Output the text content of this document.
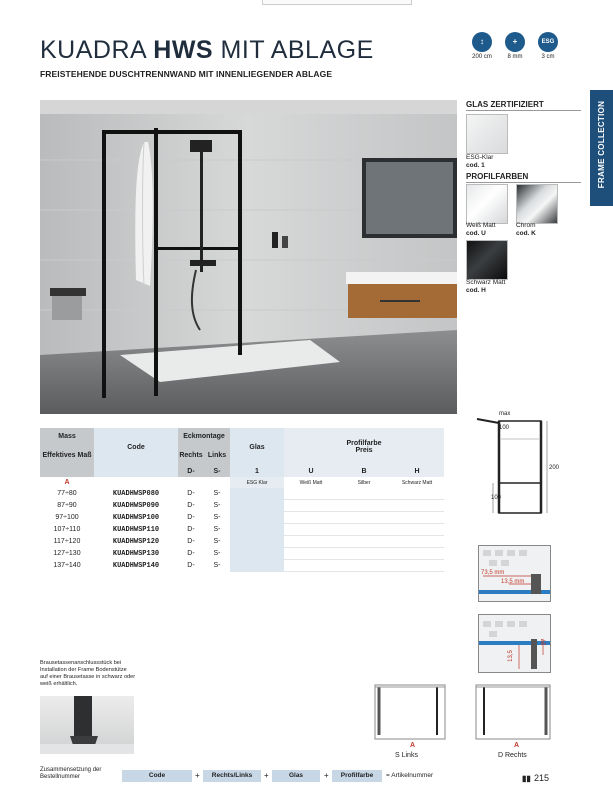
KUADRA HWS MIT ABLAGE
FREISTEHENDE DUSCHTRENNWAND MIT INNENLIEGENDER ABLAGE
↕
200 cm
+
8 mm
ESG
3 cm
FRAME COLLECTION
GLAS ZERTIFIZIERT
ESG-Klar
cod. 1
PROFILFARBEN
Weiß Matt
cod. U
Chrom
cod. K
Schwarz Matt
cod. H
Mass	Code	Eckmontage		Glas	Profilfarbe
Preis		

Effektives Maß		Rechts	Links				
		D-	S-	1	U	B	H
A				ESG Klar	Weiß Matt	Silber	Schwarz Matt
77÷80	KUADHWSP080	D-	S-				
87÷90	KUADHWSP090	D-	S-				
97÷100	KUADHWSP100	D-	S-				
107÷110	KUADHWSP110	D-	S-				
117÷120	KUADHWSP120	D-	S-				
127÷130	KUADHWSP130	D-	S-				
137÷140	KUADHWSP140	D-	S-				
max
100
200
100
73,5 mm
13,5 mm
27
13,5
A
S Links
A
D Rechts
Brausetassenanschlussstück bei Installation der Frame Bodenstütze auf einer Brausetasse in schwarz oder weiß erhältlich.
Zusammensetzung der Bestellnummer	Code	+	Rechts/Links	+	Glas	+	Profilfarbe	= Artikelnummer	▮▮ 215
